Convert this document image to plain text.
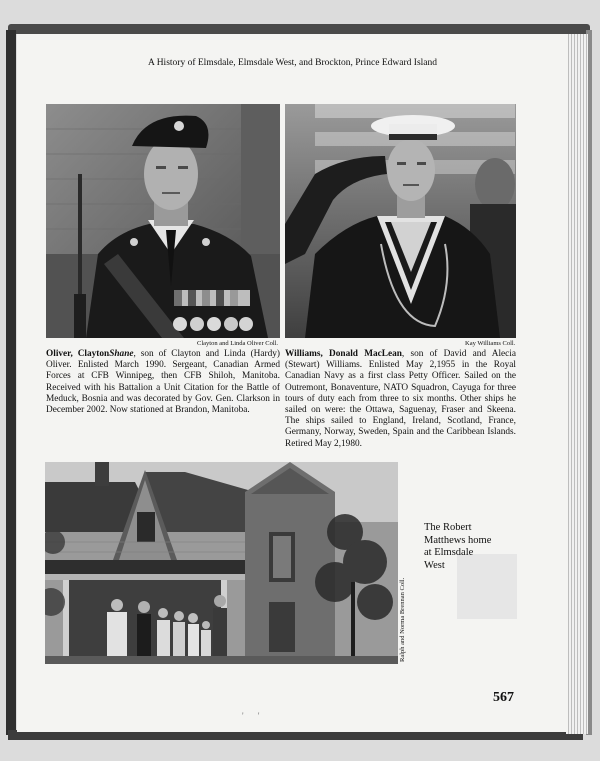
A History of Elmsdale, Elmsdale West, and Brockton, Prince Edward Island
Clayton and Linda Oliver Coll.	Kay Williams Coll.
Oliver, ClaytonShane, son of Clayton and Linda (Hardy) Oliver. Enlisted March 1990. Sergeant, Canadian Armed Forces at CFB Winnipeg, then CFB Shiloh, Manitoba. Received with his Battalion a Unit Citation for the Battle of Meduck, Bosnia and was decorated by Gov. Gen. Clarkson in December 2002. Now stationed at Brandon, Manitoba.
Williams, Donald MacLean, son of David and Alecia (Stewart) Williams. Enlisted May 2,1955 in the Royal Canadian Navy as a first class Petty Officer. Sailed on the Outremont, Bonaventure, NATO Squadron, Cayuga for three tours of duty each from three to six months. Other ships he sailed on were: the Ottawa, Saguenay, Fraser and Skeena. The ships sailed to England, Ireland, Scotland, France, Germany, Norway, Sweden, Spain and the Caribbean Islands. Retired May 2,1980.
Ralph and Norma Brennan Coll.
The Robert Matthews home at Elmsdale West
567
' '
